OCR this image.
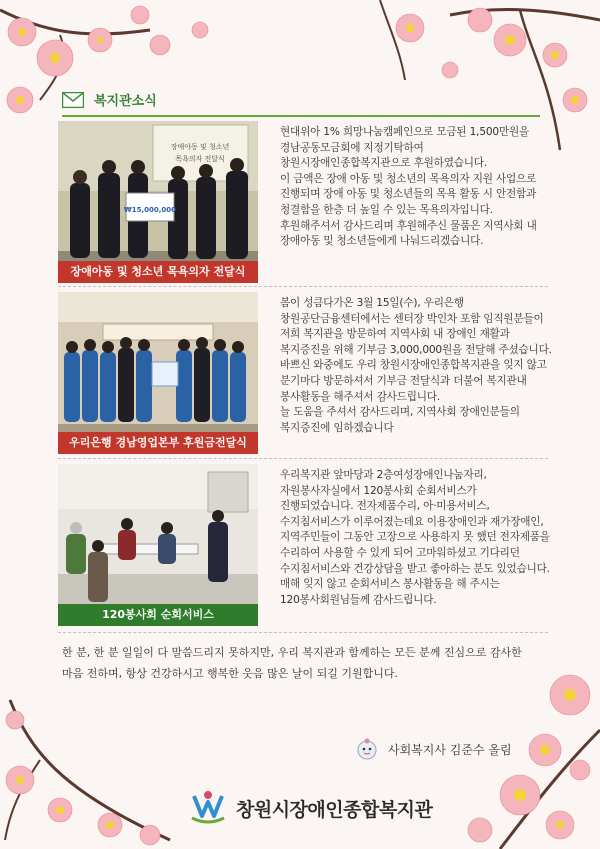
복지관소식
장애아동 및 청소년
목욕의자 전달식
₩15,000,000
장애아동 및 청소년 목욕의자 전달식
현대위아 1% 희망나눔캠페인으로 모금된 1,500만원을 경남공동모금회에 지정기탁하여 창원시장애인종합복지관으로 후원하였습니다.
이 금액은 장애 아동 및 청소년의 목욕의자 지원 사업으로 진행되며 장애 아동 및 청소년들의 목욕 활동 시 안전함과 청결함을 한층 더 높일 수 있는 목욕의자입니다.
후원해주셔서 감사드리며 후원해주신 물품은 지역사회 내 장애아동 및 청소년들에게 나눠드리겠습니다.
우리은행 경남영업본부 후원금전달식
봄이 성큼다가온 3월 15일(수), 우리은행 창원공단금융센터에서는 센터장 박인차 포함 임직원분들이 저희 복지관을 방문하여 지역사회 내 장애인 재활과 복지증진을 위해 기부금 3,000,000원을 전달해 주셨습니다.
바쁘신 와중에도 우리 창원시장애인종합복지관을 잊지 않고 분기마다 방문하셔서 기부금 전달식과 더불어 복지관내 봉사활동을 해주셔서 감사드립니다.
늘 도움을 주셔서 감사드리며, 지역사회 장애인분들의 복지증진에 임하겠습니다
120봉사회 순회서비스
우리복지관 앞마당과 2층여성장애인나눔자리, 자원봉사자실에서 120봉사회 순회서비스가 진행되었습니다. 전자제품수리, 아·미용서비스, 수지침서비스가 이루어졌는데요 이용장애인과 재가장애인, 지역주민들이 그동안 고장으로 사용하지 못 했던 전자제품을 수리하여 사용할 수 있게 되어 고마워하셨고 기다리던 수지침서비스와 건강상담을 받고 좋아하는 분도 있었습니다. 매해 잊지 않고 순회서비스 봉사활동을 해 주시는 120봉사회원님들께 감사드립니다.
한 분, 한 분 일일이 다 말씀드리지 못하지만, 우리 복지관과 함께하는 모든 분께 진심으로 감사한 마음 전하며, 항상 건강하시고 행복한 웃음 많은 날이 되길 기원합니다.
사회복지사 김준수 올림
창원시장애인종합복지관
